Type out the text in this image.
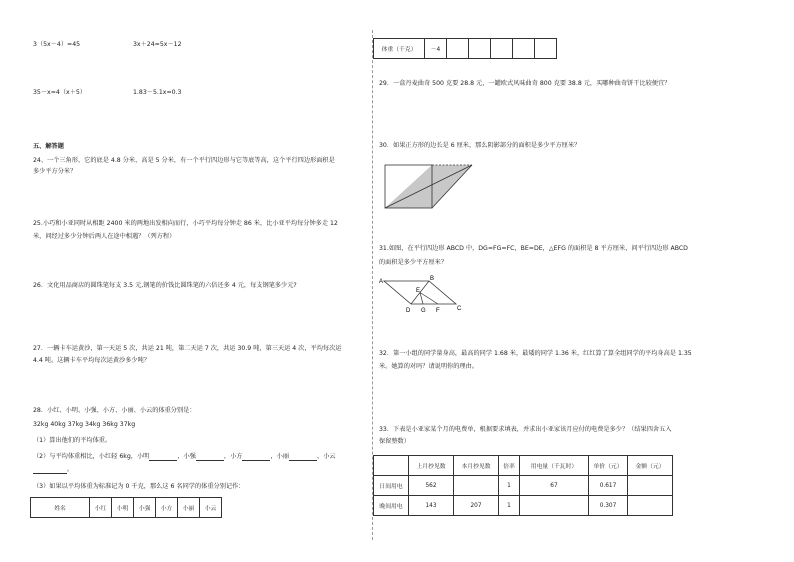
3（5x－4）=45	3x＋24=5x－12
35－x=4（x＋5）	1.83－5.1x=0.3
五、解答题
24、一个三角形，它的底是 4.8 分米，高是 5 分米，有一个平行四边形与它等底等高，这个平行四边形面积是
多少平方分米？
25.小巧和小亚同时从相距 2400 米的两地出发相向而行，小巧平均每分钟走 86 米，比小亚平均每分钟多走 12
米，问经过多少分钟后两人在途中相遇？（列方程）
26．文化用品商店的圆珠笔每支 3.5 元,钢笔的价钱比圆珠笔的六倍还多 4 元，每支钢笔多少元?
27．一辆卡车运黄沙，第一天运 5 次，共运 21 吨，第二天运 7 次，共运 30.9 吨，第三天运 4 次，平均每次运
4.4 吨。这辆卡车平均每次运黄沙多少吨？
28．小红、小明、小强、小方、小丽、小云的体重分别是：
32kg 40kg 37kg 34kg 36kg 37kg
（1）算出他们的平均体重。
（2）与平均体重相比，小红轻 6kg，小明	，小强	，小方	，小丽	，小云
。
（3）如果以平均体重为标准记为 0 千克，那么这 6 名同学的体重分别记作：
姓名	小红	小明	小强	小方	小丽	小云
体重（千克）	－4					
29．一盒丹麦曲奇 500 克要 28.8 元，一罐欧式风味曲奇 800 克要 38.8 元，买哪种曲奇饼干比较便宜？
30．如果正方形的边长是 6 厘米，那么阴影部分的面积是多少平方厘米？
31.如图，在平行四边形 ABCD 中，DG=FG=FC，BE=DE，△EFG 的面积是 8 平方厘米，问平行四边形 ABCD
的面积是多少平方厘米？
A	B
C
D
E
F
G
32．第一小组的同学量身高，最高的同学 1.68 米，最矮的同学 1.36 米，红红算了算全组同学的平均身高是 1.35
米。她算的对吗？请说明你的理由。
33．下表是小亚家某个月的电费单，根据要求填表，并求出小亚家该月应付的电费是多少？（结果四舍五入
保留整数）
	上月抄见数	本月抄见数	倍率	用电量（千瓦时）	单价（元）	金额（元）
日间用电	562		1	67	0.617	
晚间用电	143	207	1		0.307	
